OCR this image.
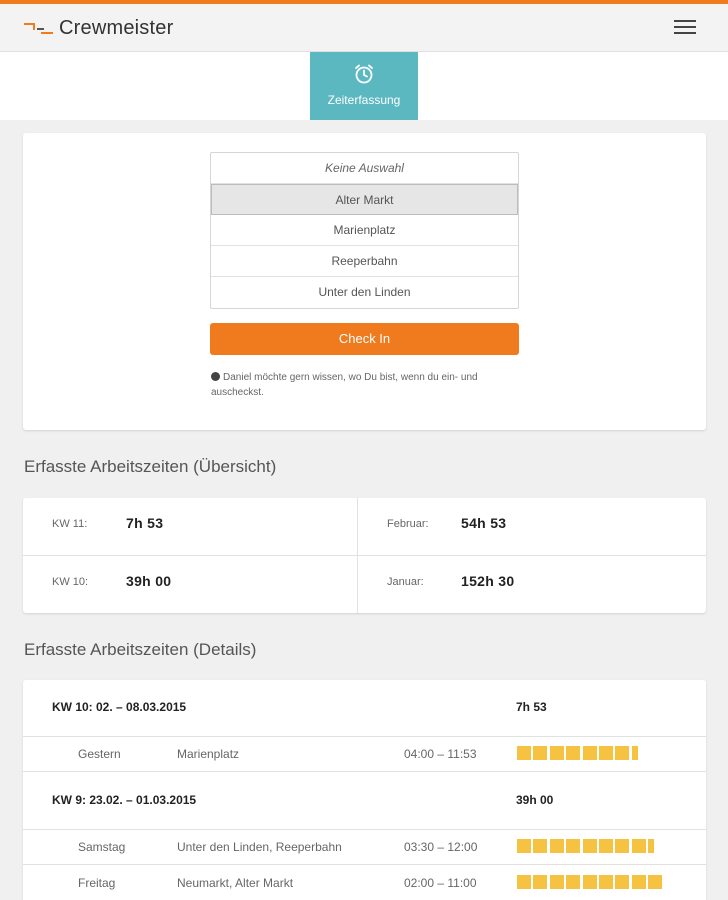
Crewmeister
Zeiterfassung
Keine Auswahl
Alter Markt
Marienplatz
Reeperbahn
Unter den Linden
Check In
Daniel möchte gern wissen, wo Du bist, wenn du ein- und auscheckst.
Erfasste Arbeitszeiten (Übersicht)
KW 11:	7h 53	Februar: 54h 53
KW 10:	39h 00	Januar:	152h 30
Erfasste Arbeitszeiten (Details)
KW 10: 02. – 08.03.2015	7h 53
Gestern	Marienplatz	04:00 – 11:53
KW 9: 23.02. – 01.03.2015	39h 00
Samstag	Unter den Linden, Reeperbahn	03:30 – 12:00
Freitag	Neumarkt, Alter Markt	02:00 – 11:00
